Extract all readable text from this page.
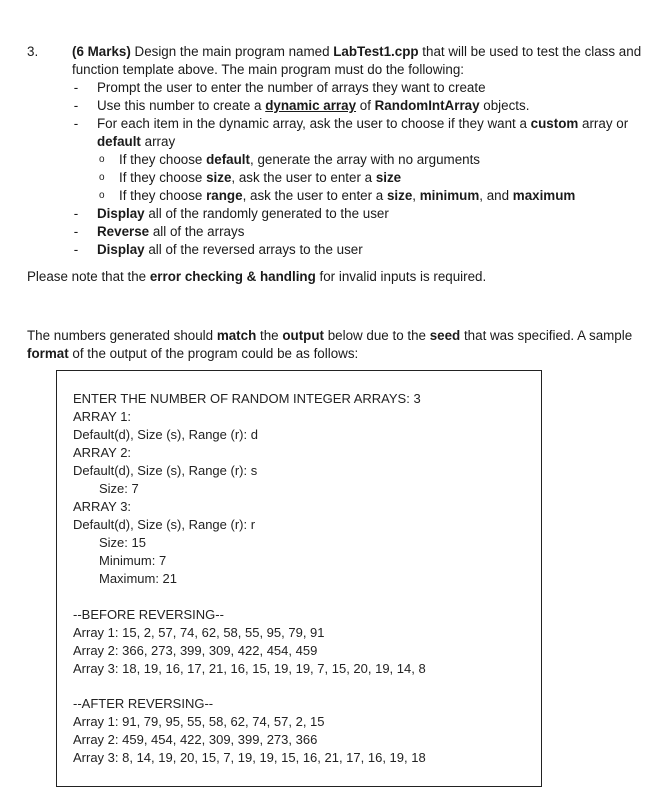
3.	(6 Marks) Design the main program named LabTest1.cpp that will be used to test the class and
function template above. The main program must do the following:
- Prompt the user to enter the number of arrays they want to create
- Use this number to create a dynamic array of RandomIntArray objects.
- For each item in the dynamic array, ask the user to choose if they want a custom array or
default array
o If they choose default, generate the array with no arguments
o If they choose size, ask the user to enter a size
o If they choose range, ask the user to enter a size, minimum, and maximum
- Display all of the randomly generated to the user
- Reverse all of the arrays
- Display all of the reversed arrays to the user
Please note that the error checking & handling for invalid inputs is required.
The numbers generated should match the output below due to the seed that was specified. A sample
format of the output of the program could be as follows:
ENTER THE NUMBER OF RANDOM INTEGER ARRAYS: 3
ARRAY 1:
Default(d), Size (s), Range (r): d
ARRAY 2:
Default(d), Size (s), Range (r): s
Size: 7
ARRAY 3:
Default(d), Size (s), Range (r): r
Size: 15
Minimum: 7
Maximum: 21
--BEFORE REVERSING--
Array 1: 15, 2, 57, 74, 62, 58, 55, 95, 79, 91
Array 2: 366, 273, 399, 309, 422, 454, 459
Array 3: 18, 19, 16, 17, 21, 16, 15, 19, 19, 7, 15, 20, 19, 14, 8
--AFTER REVERSING--
Array 1: 91, 79, 95, 55, 58, 62, 74, 57, 2, 15
Array 2: 459, 454, 422, 309, 399, 273, 366
Array 3: 8, 14, 19, 20, 15, 7, 19, 19, 15, 16, 21, 17, 16, 19, 18
